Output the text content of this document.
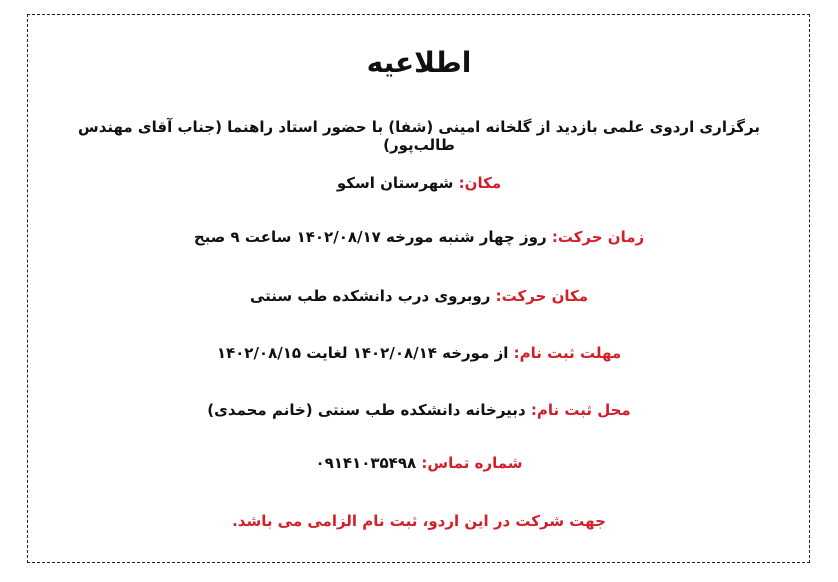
اطلاعیه
برگزاری اردوی علمی بازدید از گلخانه امینی (شفا) با حضور استاد راهنما (جناب آقای مهندس طالب‌پور)
مکان: شهرستان اسکو
زمان حرکت: روز چهار شنبه مورخه ۱۴۰۲/۰۸/۱۷ ساعت ۹ صبح
مکان حرکت: روبروی درب دانشکده طب سنتی
مهلت ثبت نام: از مورخه ۱۴۰۲/۰۸/۱۴ لغایت ۱۴۰۲/۰۸/۱۵
محل ثبت نام: دبیرخانه دانشکده طب سنتی (خانم محمدی)
شماره تماس: ۰۹۱۴۱۰۳۵۴۹۸
جهت شرکت در این اردو، ثبت نام الزامی می باشد.
